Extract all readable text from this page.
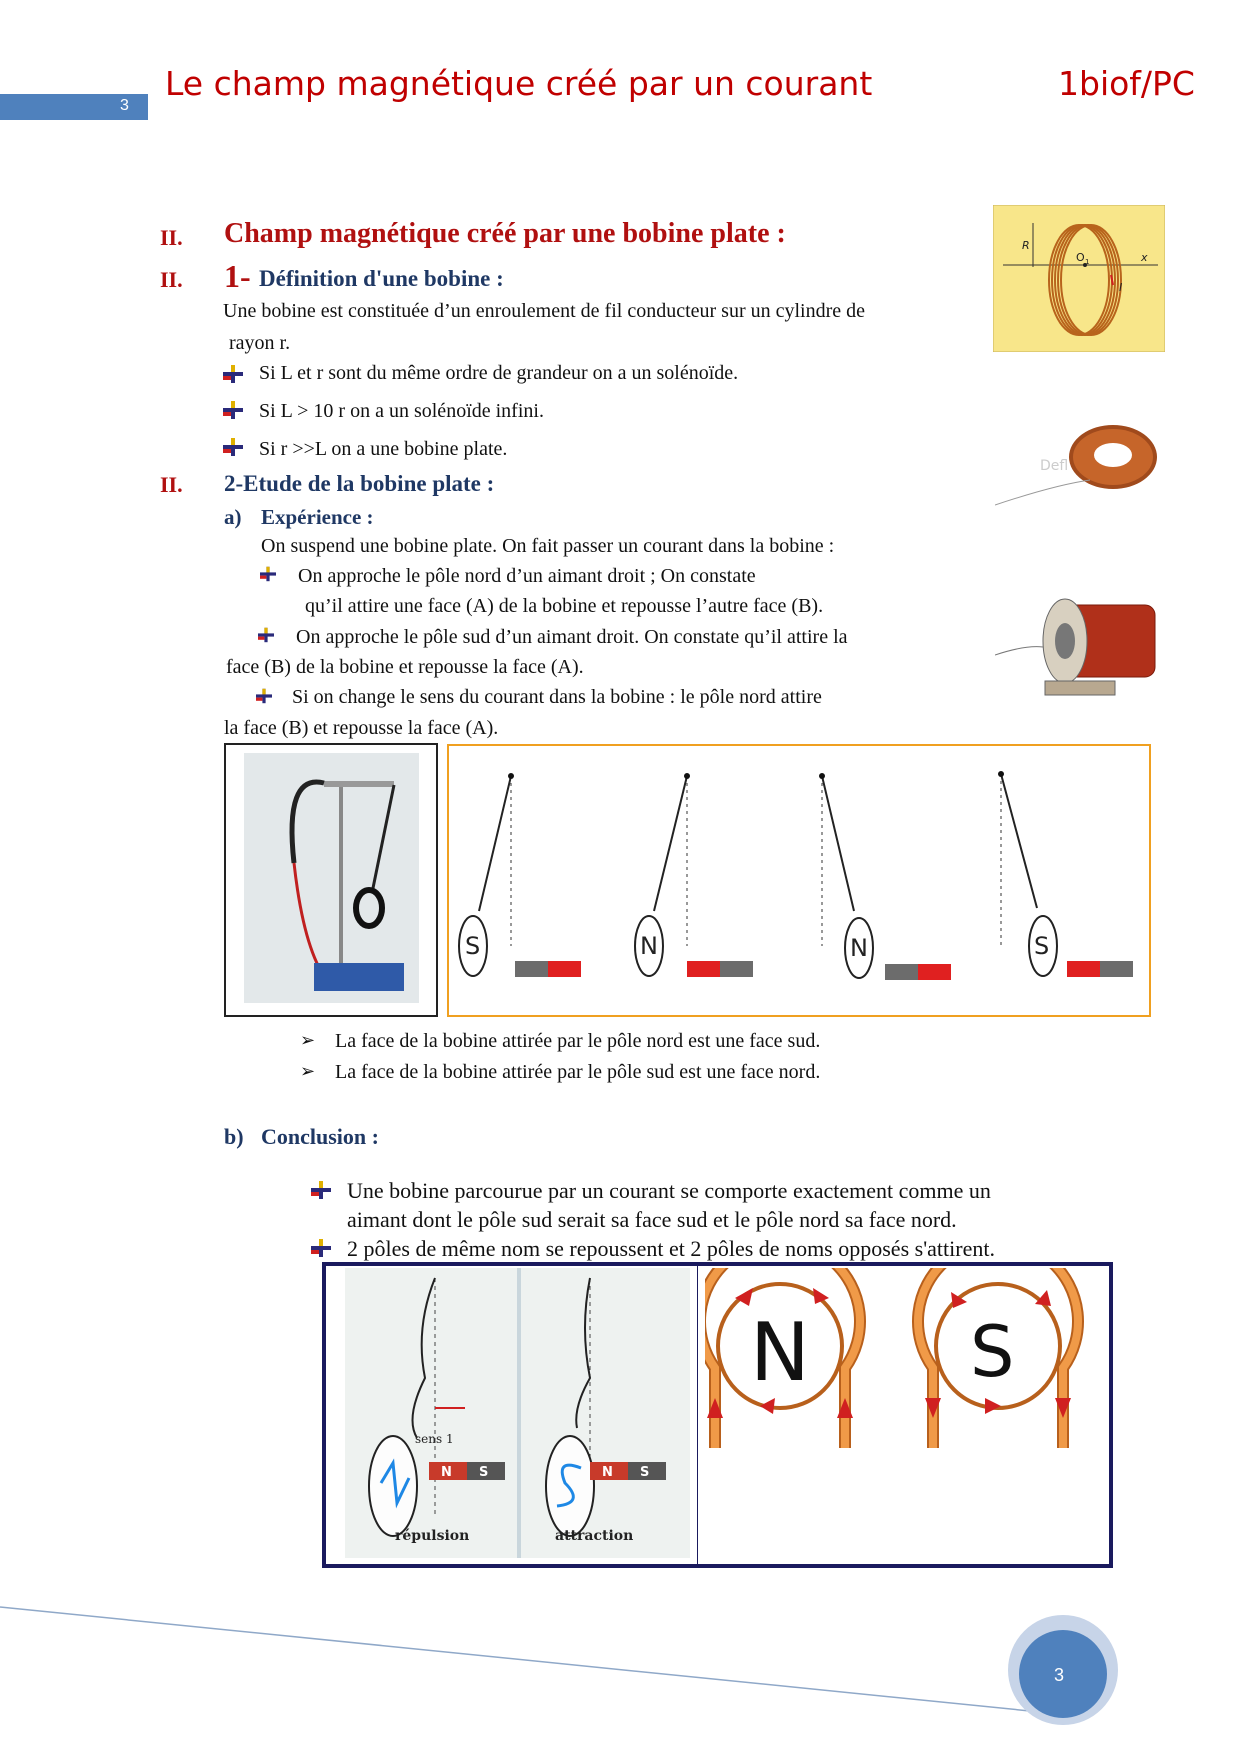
3
Le champ magnétique créé par un courant	1biof/PC
II. Champ magnétique créé par une bobine plate :
II. 1- Définition d'une bobine :
Une bobine est constituée d’un enroulement de fil conducteur sur un cylindre de
rayon r.
Si L et r sont du même ordre de grandeur on a un solénoïde.
Si L > 10 r on a un solénoïde infini.
Si r >>L on a une bobine plate.
II. 2-Etude de la bobine plate :
a) Expérience :
On suspend une bobine plate. On fait passer un courant dans la bobine :
On approche le pôle nord d’un aimant droit ; On constate
qu’il attire une face (A) de la bobine et repousse l’autre face (B).
On approche le pôle sud d’un aimant droit. On constate qu’il attire la
face (B) de la bobine et repousse la face (A).
Si on change le sens du courant dans la bobine : le pôle nord attire
la face (B) et repousse la face (A).
R
O 1	x
I
Defl
S	N	N	S
➢ La face de la bobine attirée par le pôle nord est une face sud.
➢ La face de la bobine attirée par le pôle sud est une face nord.
b) Conclusion :
Une bobine parcourue par un courant se comporte exactement comme un
aimant dont le pôle sud serait sa face sud et le pôle nord sa face nord.
2 pôles de même nom se repoussent et 2 pôles de noms opposés s'attirent.
sens 1
N S
répulsion
N S
attraction
N S
3
